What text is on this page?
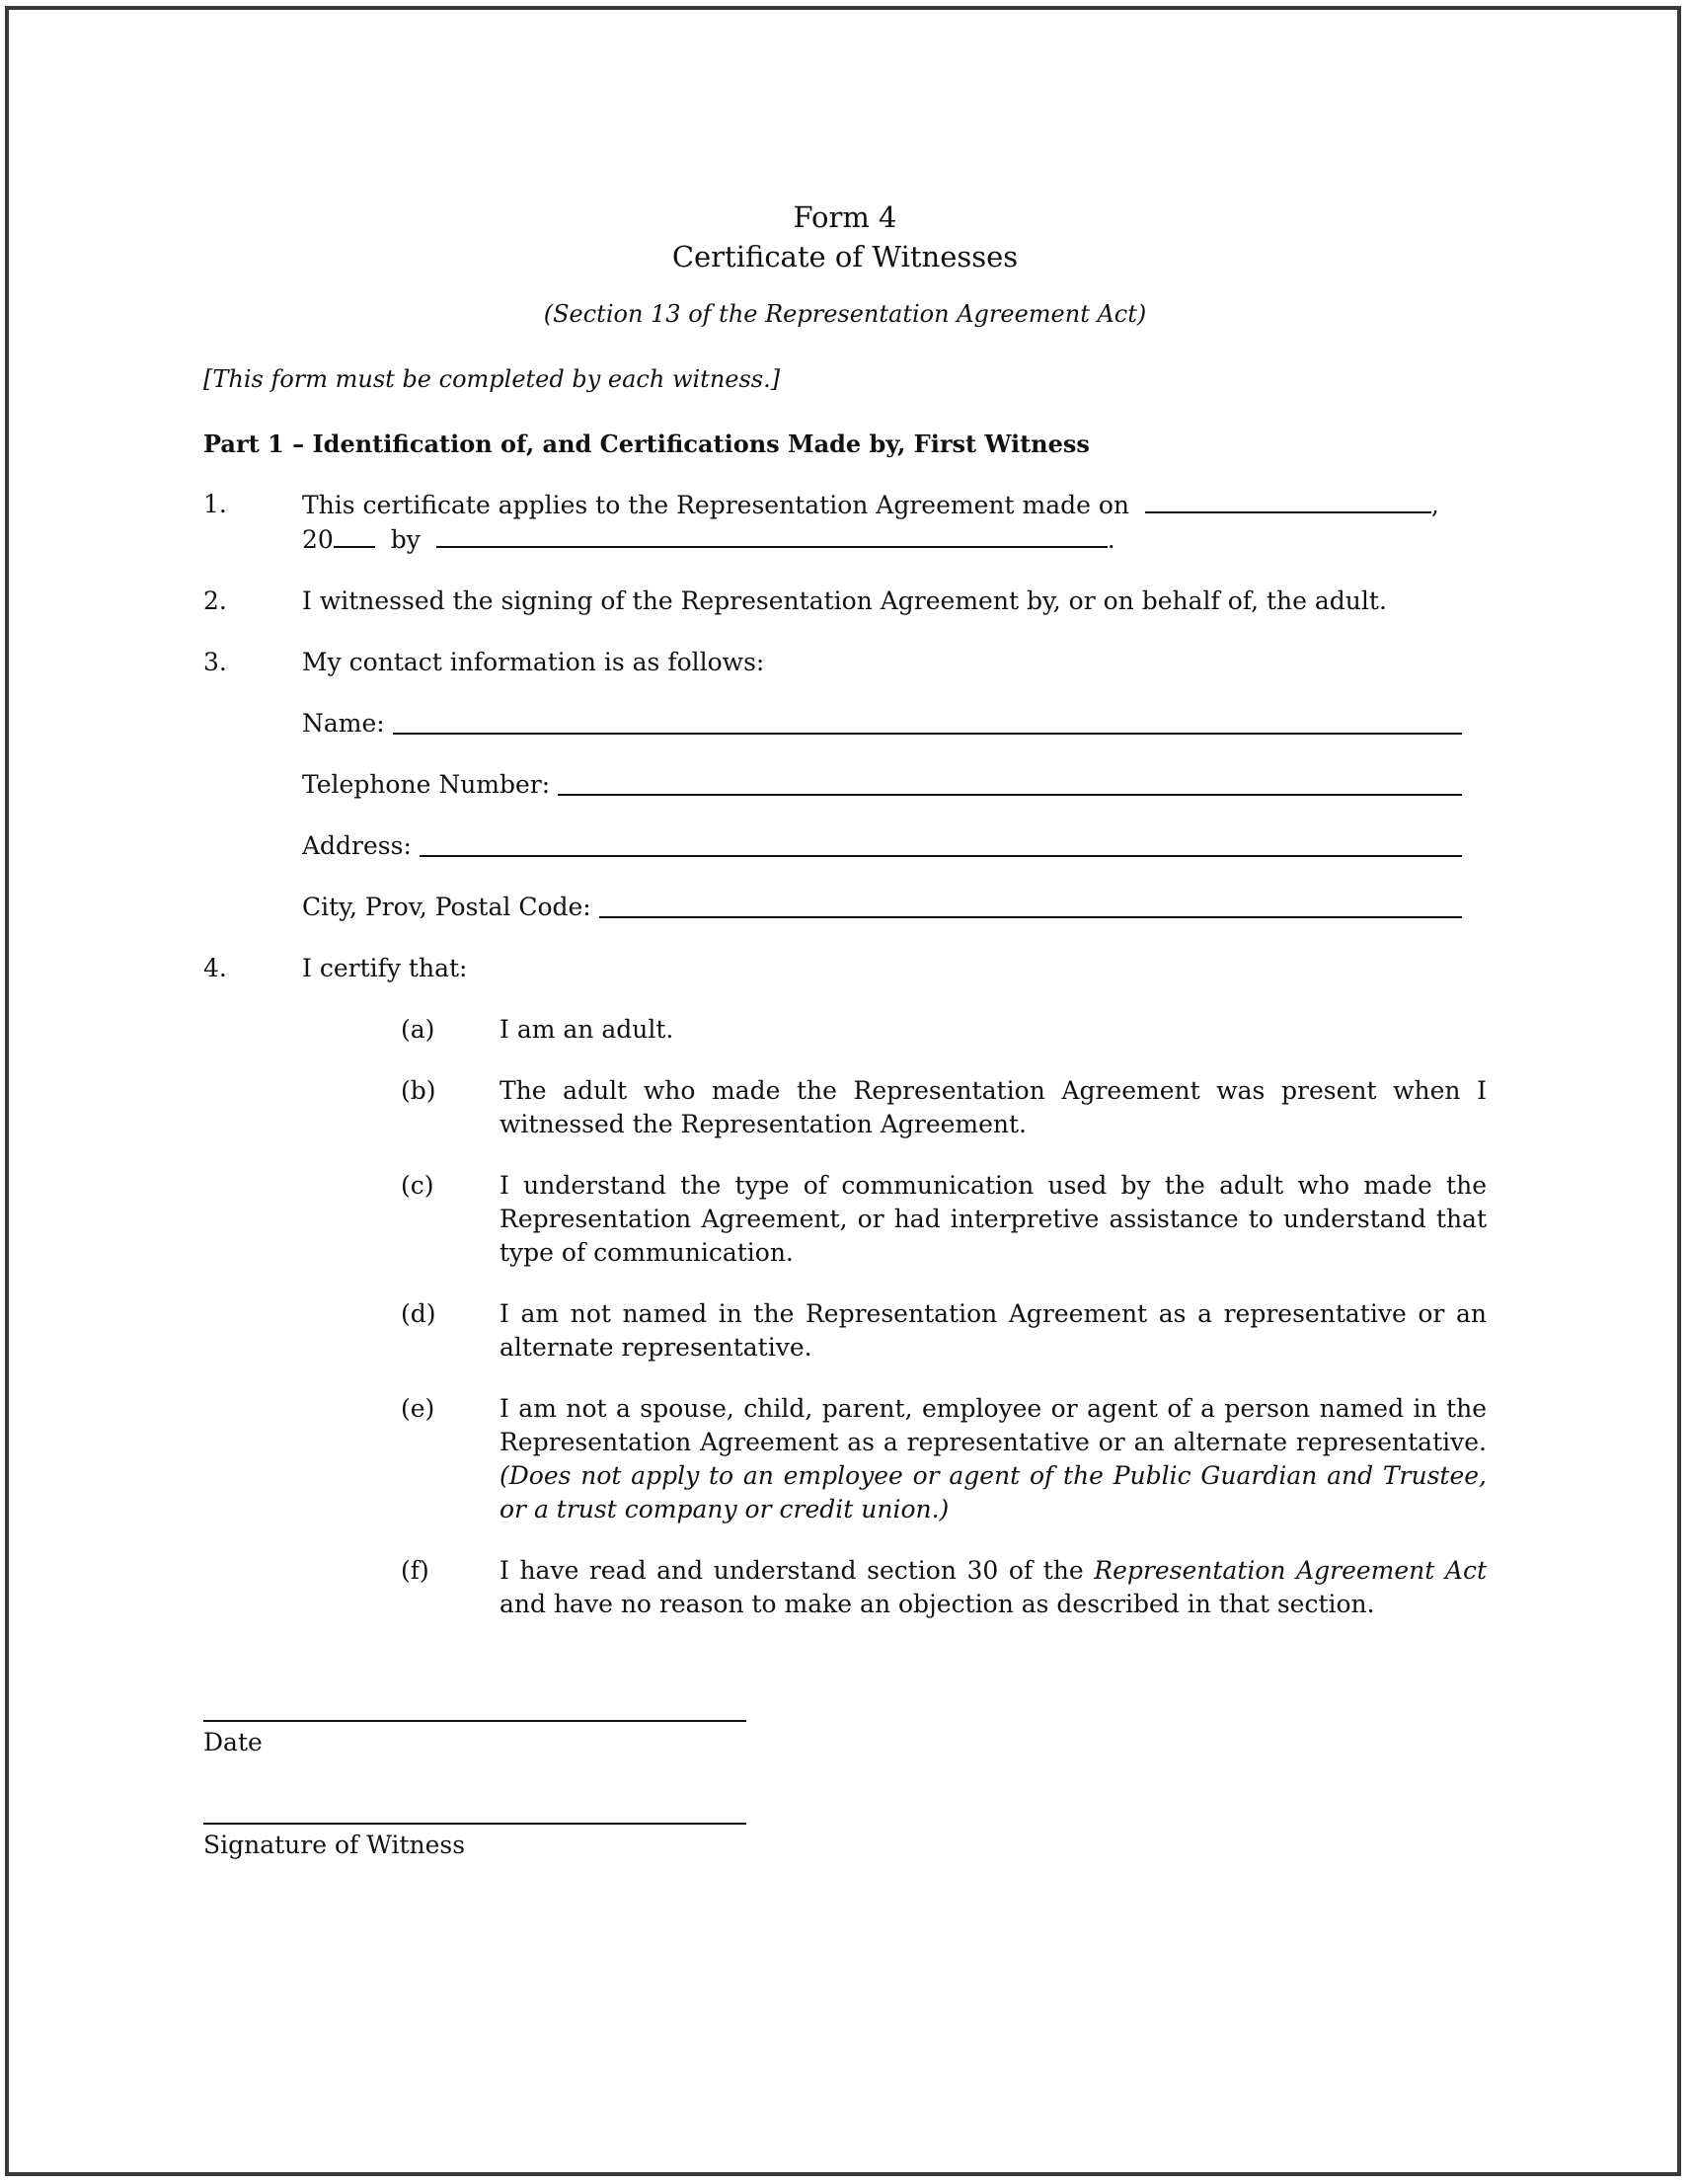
Form 4
Certificate of Witnesses
(Section 13 of the Representation Agreement Act)
[This form must be completed by each witness.]
Part 1 – Identification of, and Certifications Made by, First Witness
1.	This certificate applies to the Representation Agreement made on	,
20 by	.
2.	I witnessed the signing of the Representation Agreement by, or on behalf of, the adult.
3.	My contact information is as follows:
Name:
Telephone Number:
Address:
City, Prov, Postal Code:
4.	I certify that:
(a)	I am an adult.
(b)	The adult who made the Representation Agreement was present when I witnessed the Representation Agreement.
(c)	I understand the type of communication used by the adult who made the Representation Agreement, or had interpretive assistance to understand that type of communication.
(d)	I am not named in the Representation Agreement as a representative or an alternate representative.
(e)	I am not a spouse, child, parent, employee or agent of a person named in the Representation Agreement as a representative or an alternate representative. (Does not apply to an employee or agent of the Public Guardian and Trustee, or a trust company or credit union.)
(f)	I have read and understand section 30 of the Representation Agreement Act and have no reason to make an objection as described in that section.
Date
Signature of Witness
